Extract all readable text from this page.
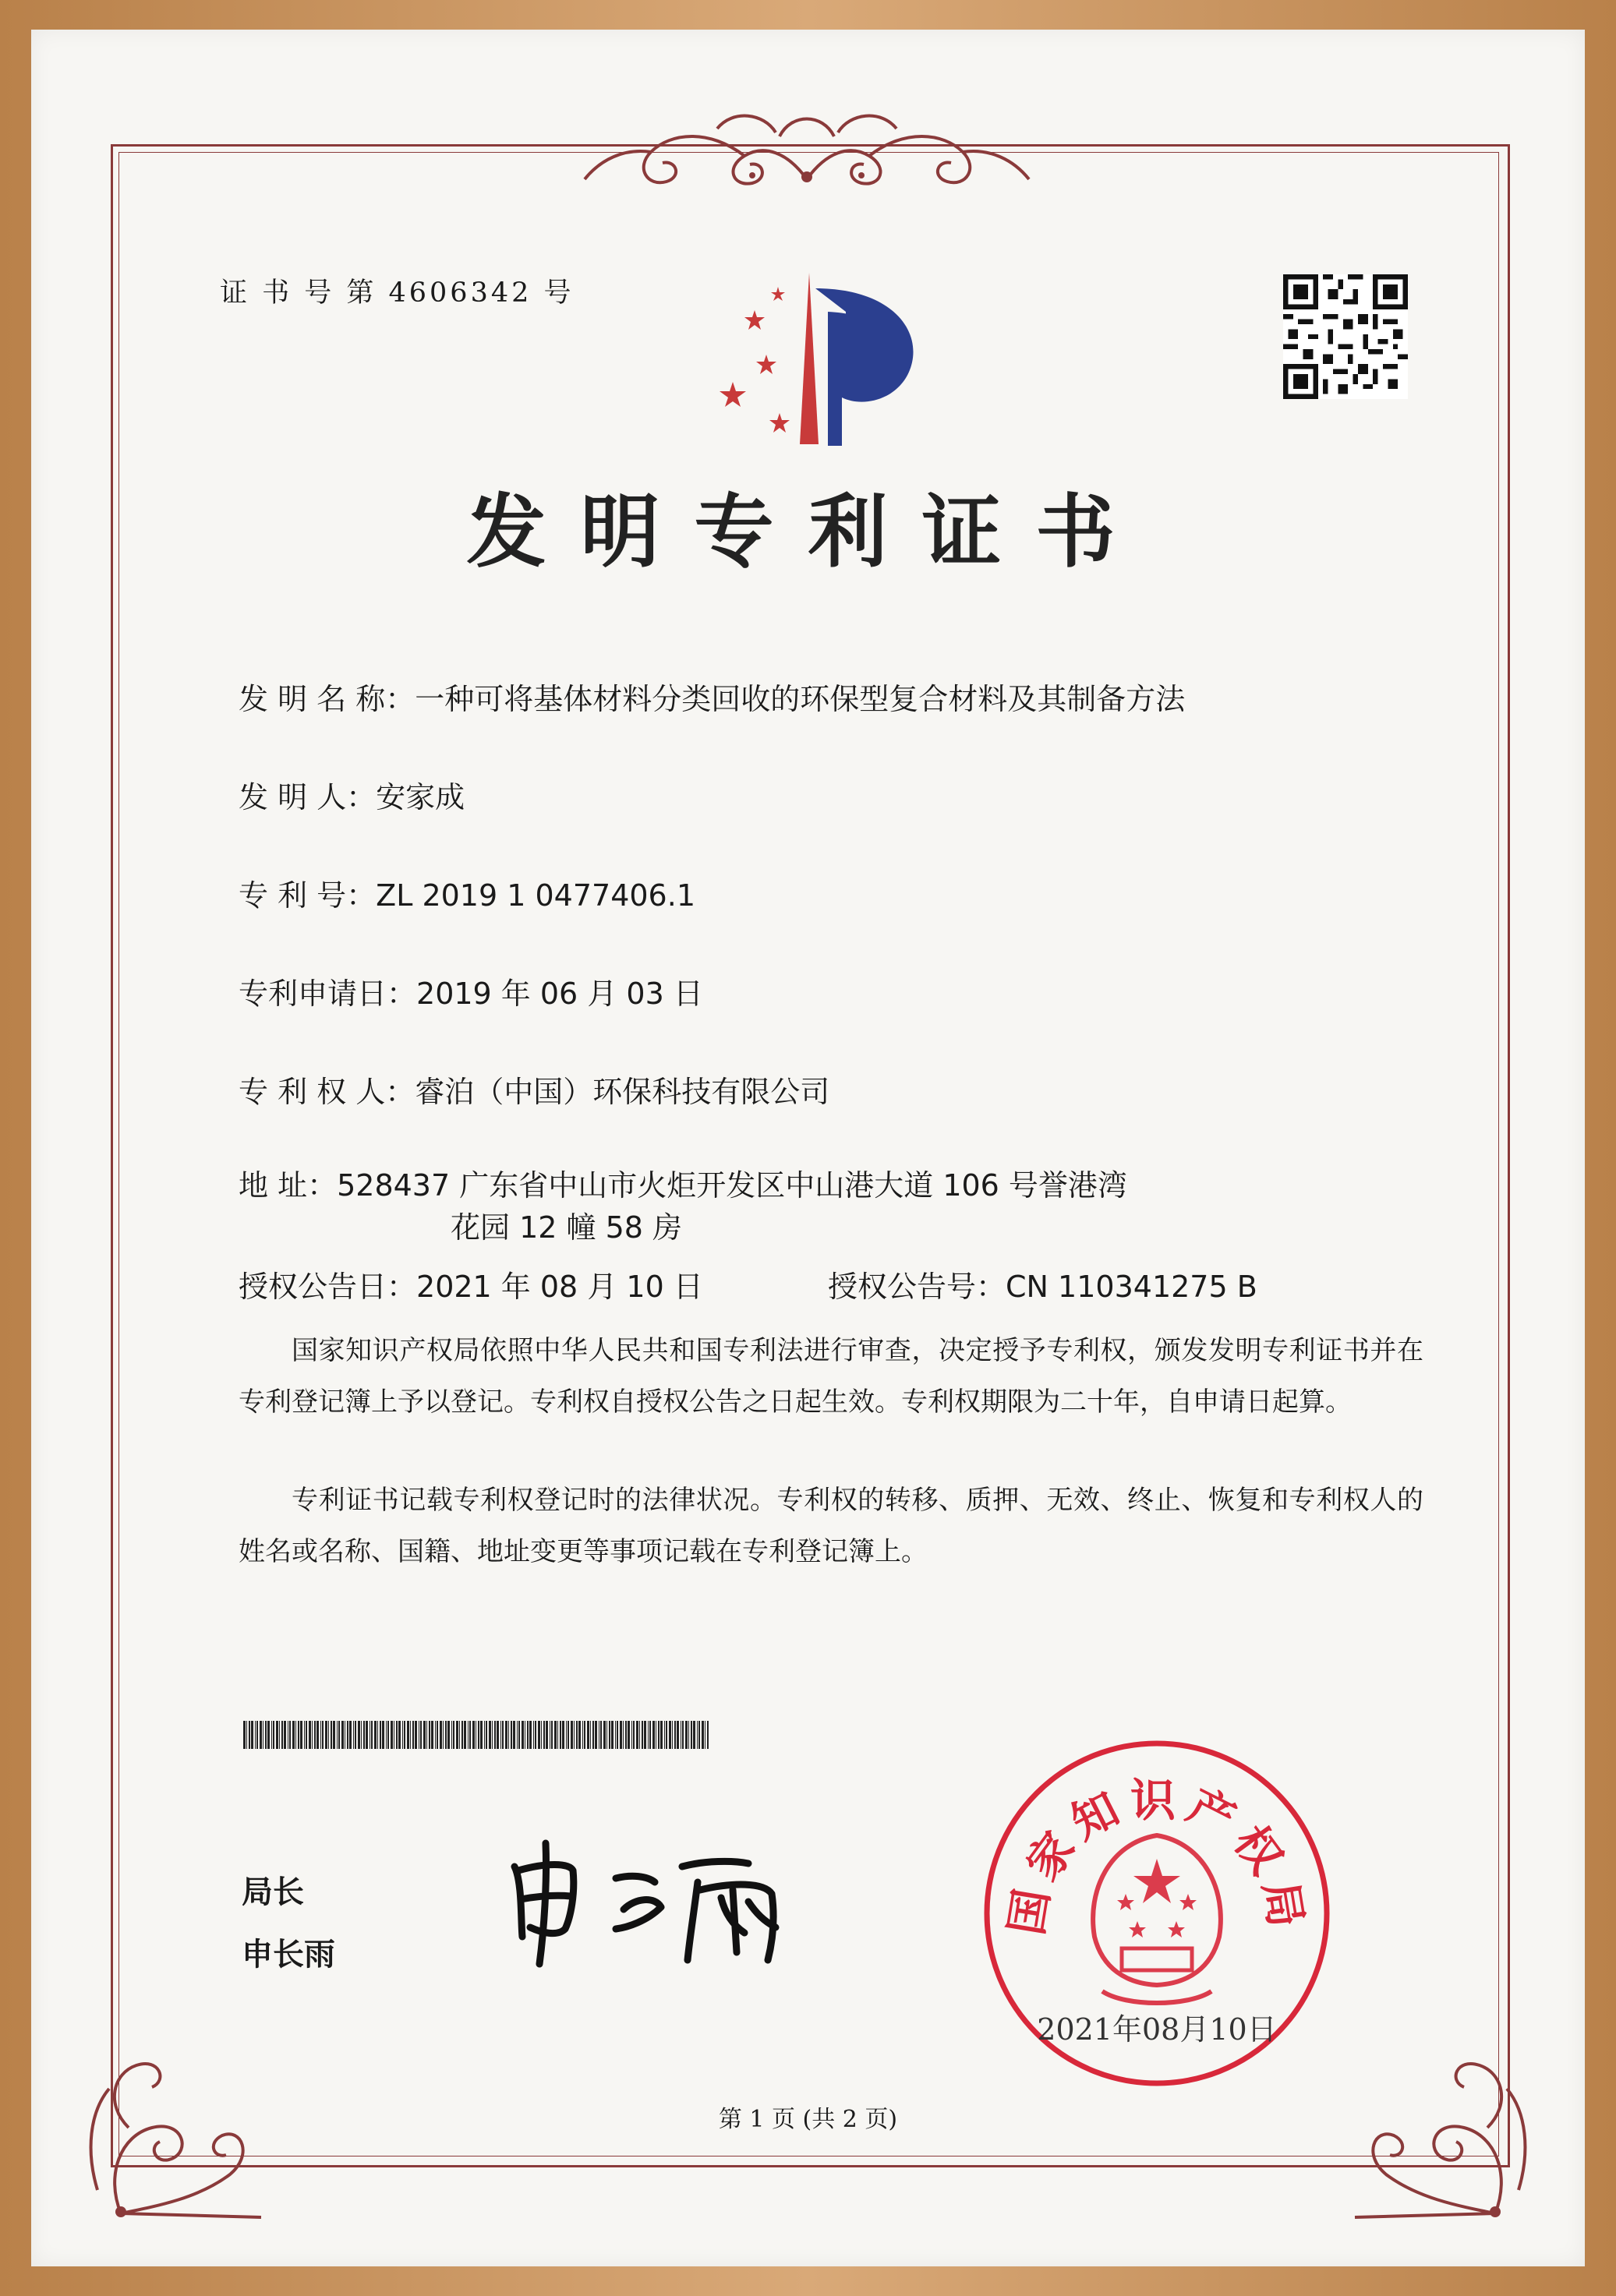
证 书 号 第 4606342 号
发明专利证书
发 明 名 称：一种可将基体材料分类回收的环保型复合材料及其制备方法
发 明 人：安家成
专 利 号：ZL 2019 1 0477406.1
专利申请日：2019 年 06 月 03 日
专 利 权 人：睿泊（中国）环保科技有限公司
地 址：528437 广东省中山市火炬开发区中山港大道 106 号誉港湾
花园 12 幢 58 房
授权公告日：2021 年 08 月 10 日	授权公告号：CN 110341275 B
国家知识产权局依照中华人民共和国专利法进行审查，决定授予专利权，颁发发明专利证书并在专利登记簿上予以登记。专利权自授权公告之日起生效。专利权期限为二十年，自申请日起算。
专利证书记载专利权登记时的法律状况。专利权的转移、质押、无效、终止、恢复和专利权人的姓名或名称、国籍、地址变更等事项记载在专利登记簿上。
局长
申长雨
国家知识产权局
2021年08月10日
第 1 页 (共 2 页)
